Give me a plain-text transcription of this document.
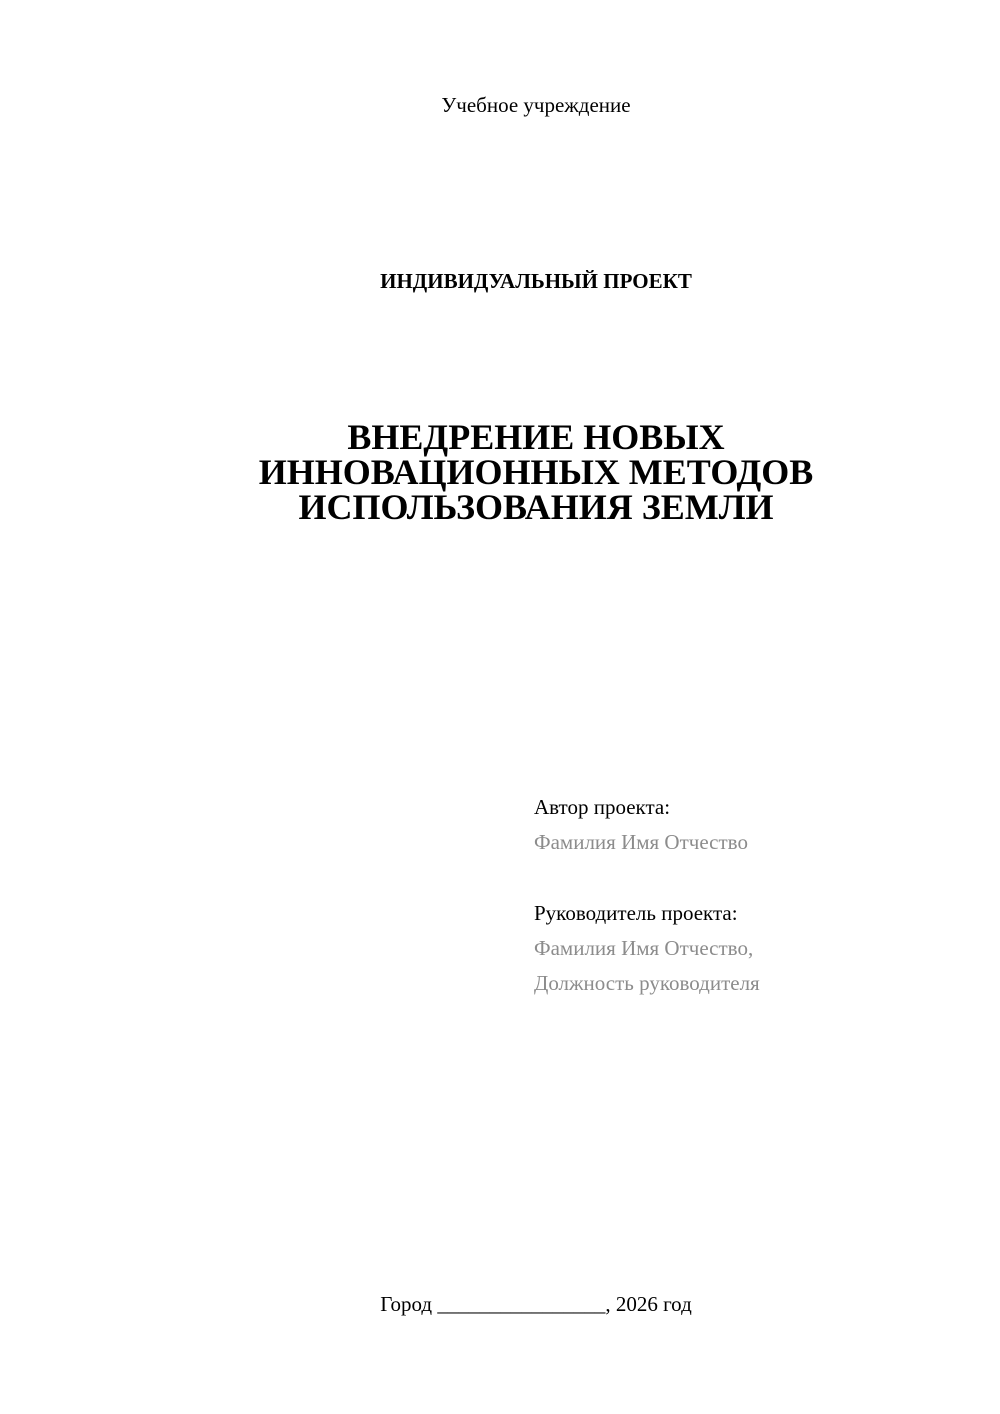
Учебное учреждение
ИНДИВИДУАЛЬНЫЙ ПРОЕКТ
ВНЕДРЕНИЕ НОВЫХ
ИННОВАЦИОННЫХ МЕТОДОВ
ИСПОЛЬЗОВАНИЯ ЗЕМЛИ
Автор проекта:
Фамилия Имя Отчество
Руководитель проекта:
Фамилия Имя Отчество,
Должность руководителя
Город ________________, 2026 год
